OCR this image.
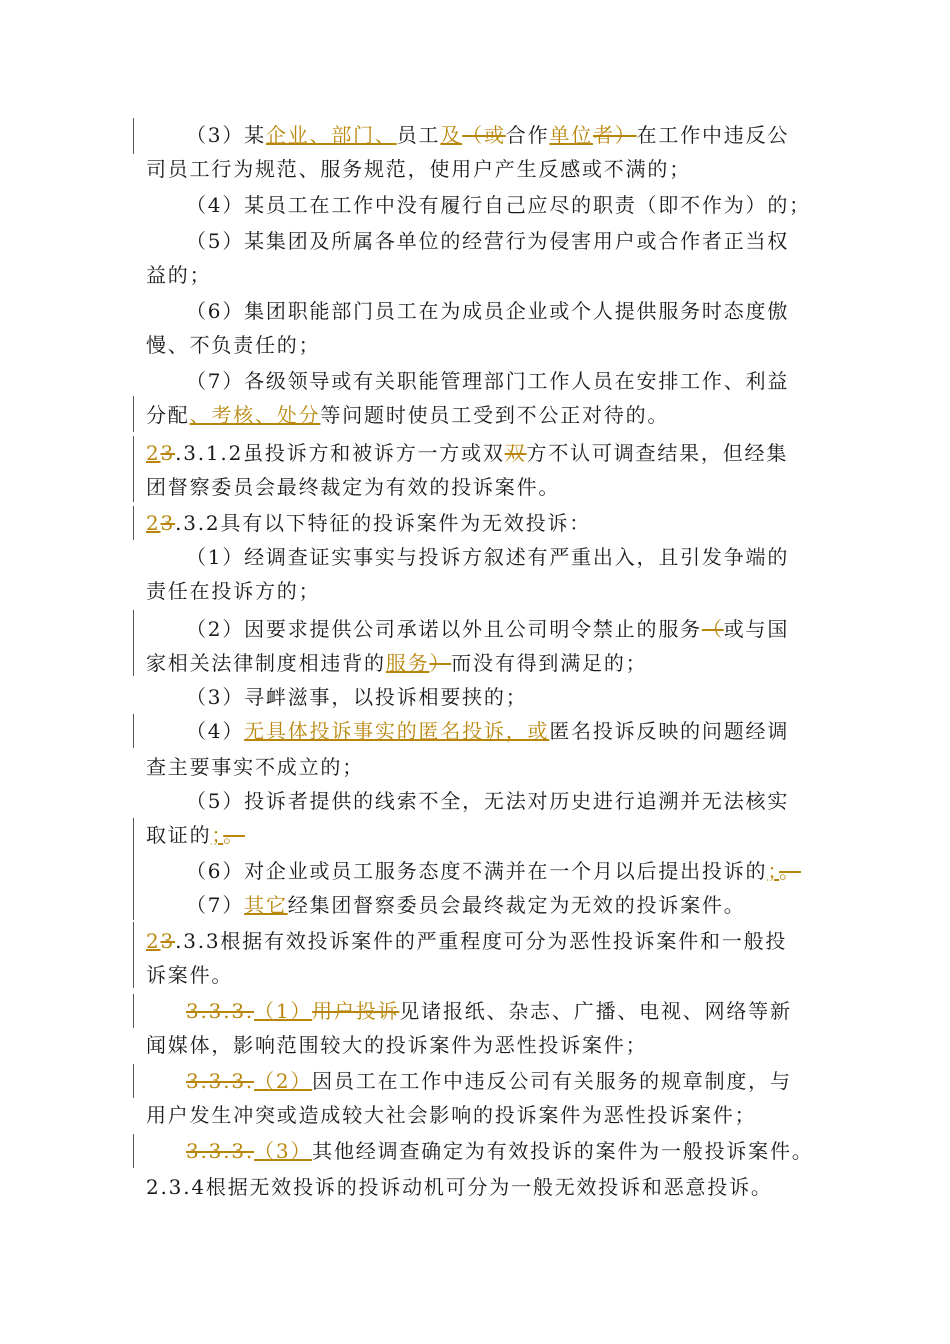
（3）某企业、部门、员工及（或合作单位者）在工作中违反公
司员工行为规范、服务规范，使用户产生反感或不满的；
（4）某员工在工作中没有履行自己应尽的职责（即不作为）的；
（5）某集团及所属各单位的经营行为侵害用户或合作者正当权
益的；
（6）集团职能部门员工在为成员企业或个人提供服务时态度傲
慢、不负责任的；
（7）各级领导或有关职能管理部门工作人员在安排工作、利益
分配、考核、处分等问题时使员工受到不公正对待的。
23.3.1.2虽投诉方和被诉方一方或双双方不认可调查结果，但经集
团督察委员会最终裁定为有效的投诉案件。
23.3.2具有以下特征的投诉案件为无效投诉：
（1）经调查证实事实与投诉方叙述有严重出入，且引发争端的
责任在投诉方的；
（2）因要求提供公司承诺以外且公司明令禁止的服务（或与国
家相关法律制度相违背的服务）而没有得到满足的；
（3）寻衅滋事，以投诉相要挟的；
（4）无具体投诉事实的匿名投诉，或匿名投诉反映的问题经调
查主要事实不成立的；
（5）投诉者提供的线索不全，无法对历史进行追溯并无法核实
取证的；。
（6）对企业或员工服务态度不满并在一个月以后提出投诉的；。
（7）其它经集团督察委员会最终裁定为无效的投诉案件。
23.3.3根据有效投诉案件的严重程度可分为恶性投诉案件和一般投
诉案件。
3.3.3.（1）用户投诉见诸报纸、杂志、广播、电视、网络等新
闻媒体，影响范围较大的投诉案件为恶性投诉案件；
3.3.3.（2）因员工在工作中违反公司有关服务的规章制度，与
用户发生冲突或造成较大社会影响的投诉案件为恶性投诉案件；
3.3.3.（3）其他经调查确定为有效投诉的案件为一般投诉案件。
2.3.4根据无效投诉的投诉动机可分为一般无效投诉和恶意投诉。
